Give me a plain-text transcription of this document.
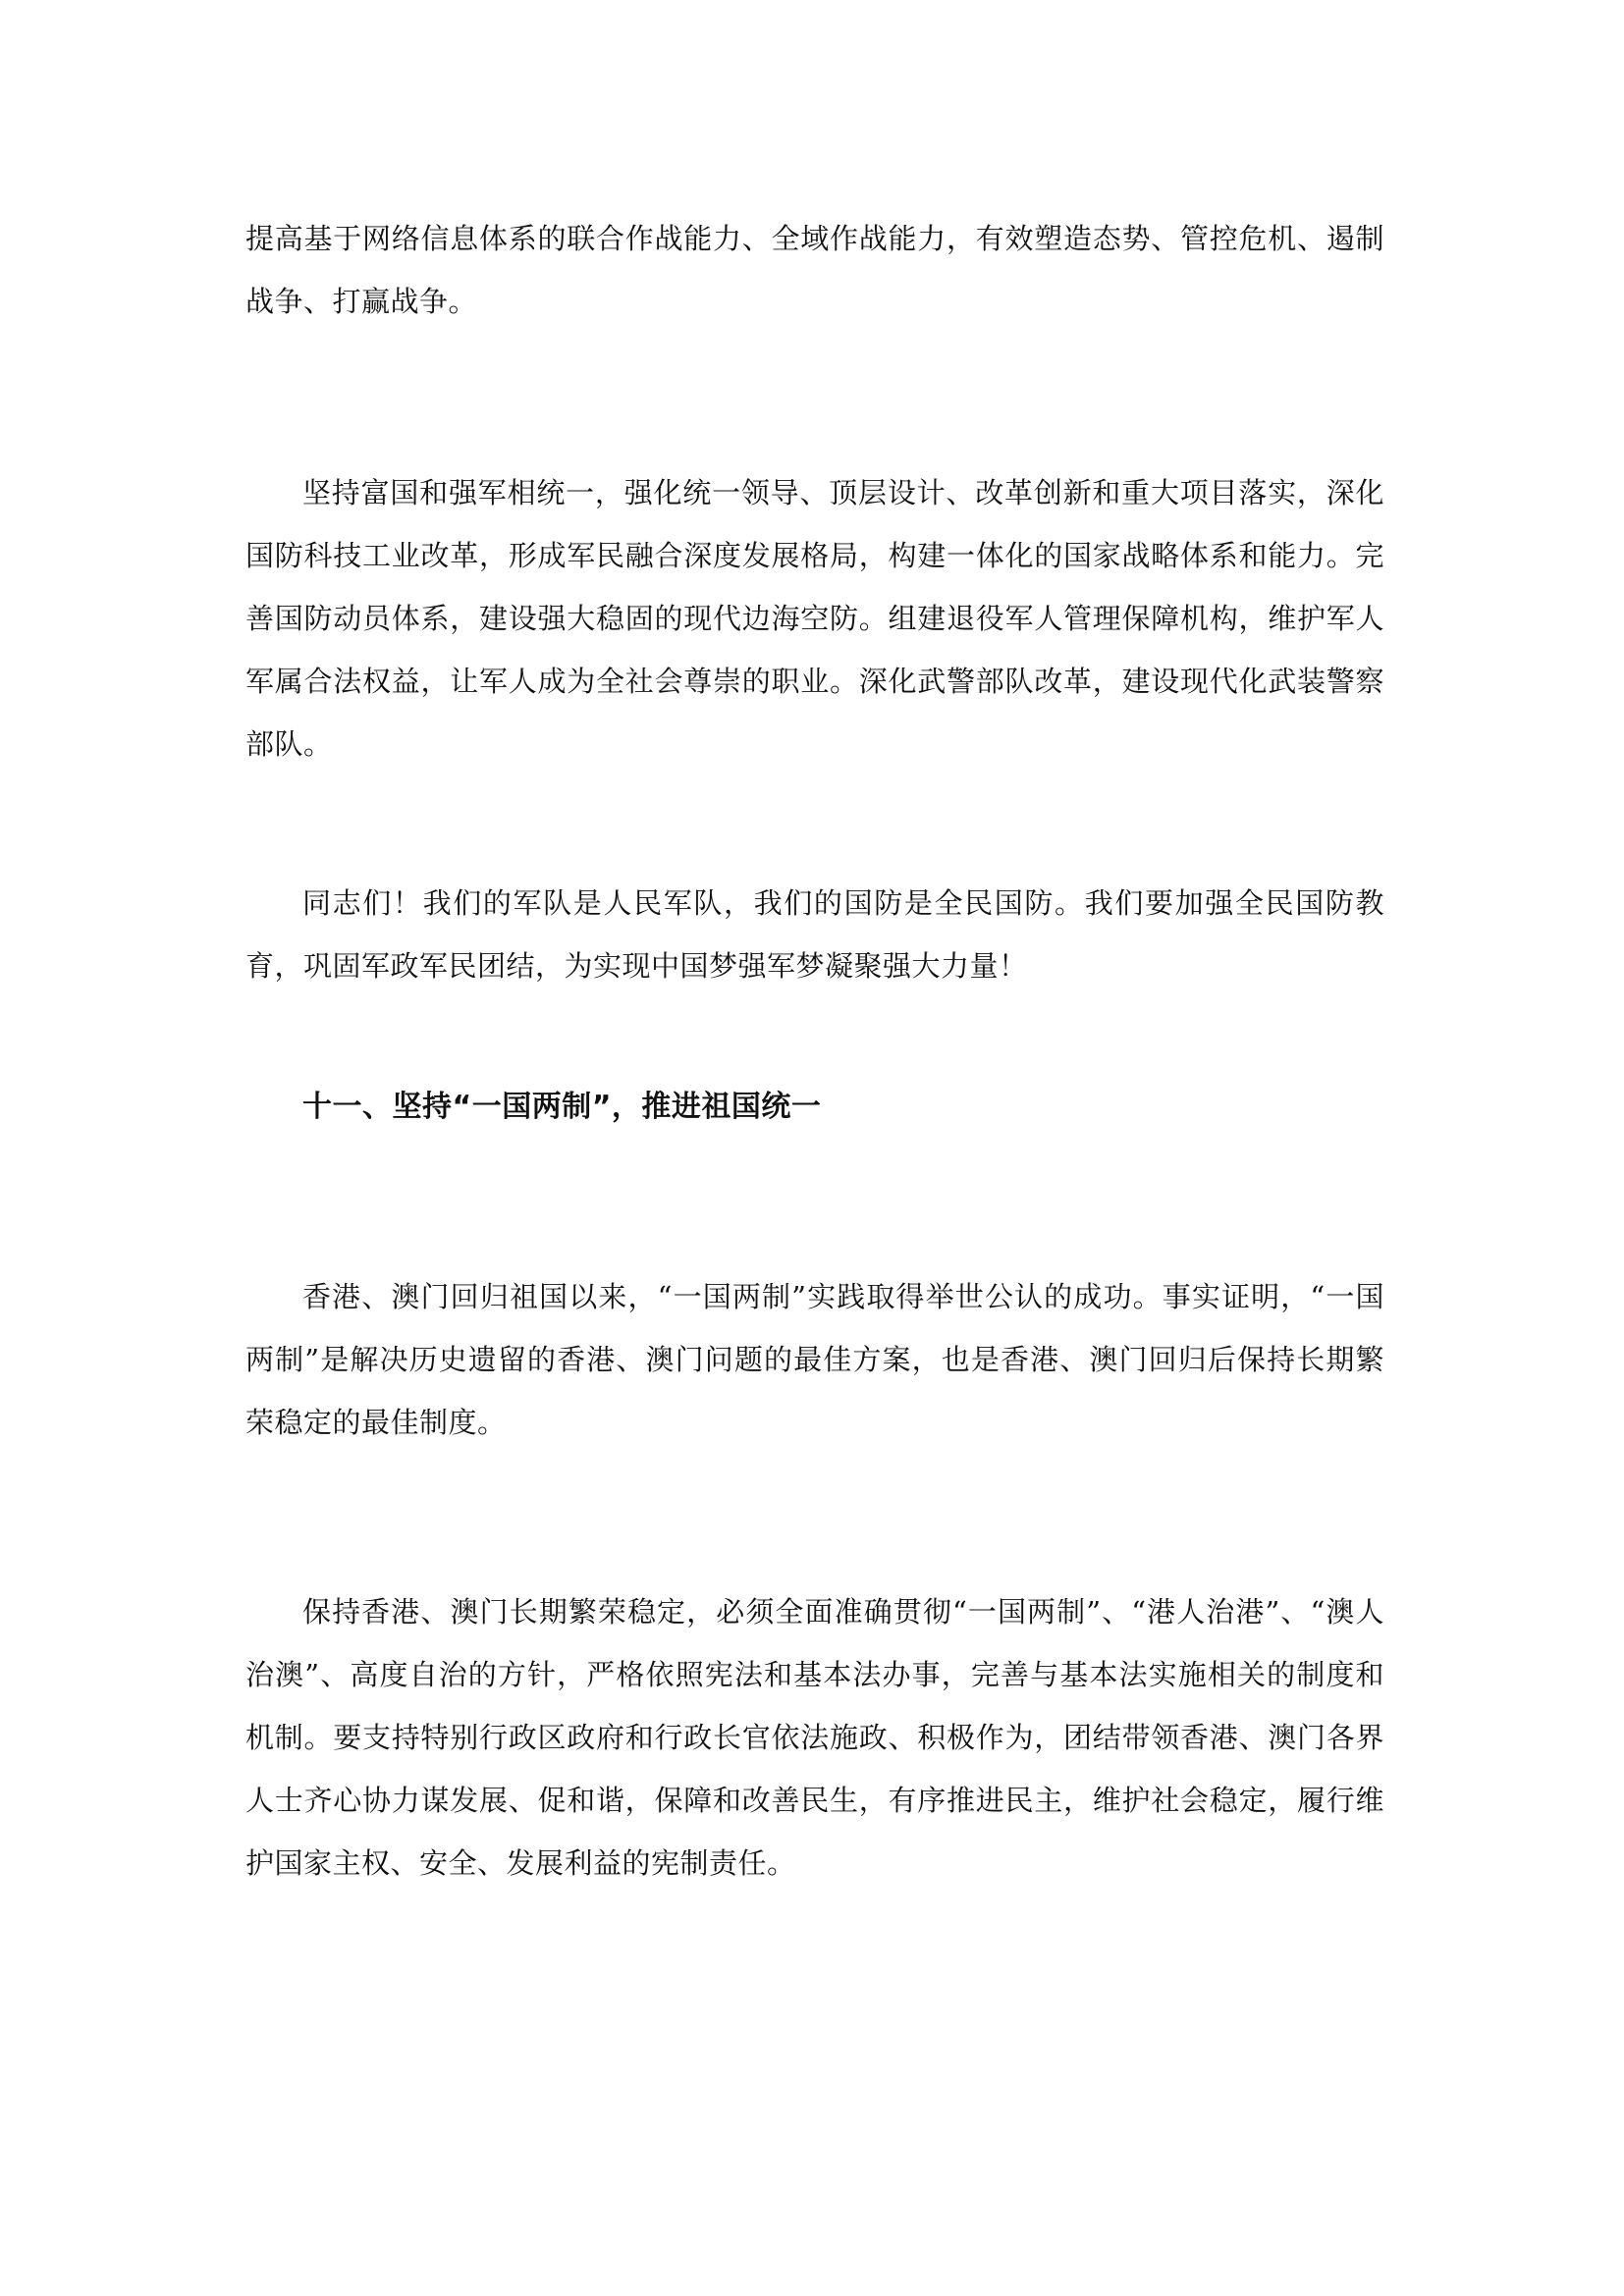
提高基于网络信息体系的联合作战能力、全域作战能力，有效塑造态势、管控危机、遏制战争、打赢战争。

坚持富国和强军相统一，强化统一领导、顶层设计、改革创新和重大项目落实，深化国防科技工业改革，形成军民融合深度发展格局，构建一体化的国家战略体系和能力。完善国防动员体系，建设强大稳固的现代边海空防。组建退役军人管理保障机构，维护军人军属合法权益，让军人成为全社会尊崇的职业。深化武警部队改革，建设现代化武装警察部队。

同志们！我们的军队是人民军队，我们的国防是全民国防。我们要加强全民国防教育，巩固军政军民团结，为实现中国梦强军梦凝聚强大力量！

十一、坚持“一国两制”，推进祖国统一

香港、澳门回归祖国以来，“一国两制”实践取得举世公认的成功。事实证明，“一国两制”是解决历史遗留的香港、澳门问题的最佳方案，也是香港、澳门回归后保持长期繁荣稳定的最佳制度。

保持香港、澳门长期繁荣稳定，必须全面准确贯彻“一国两制”、“港人治港”、“澳人治澳”、高度自治的方针，严格依照宪法和基本法办事，完善与基本法实施相关的制度和机制。要支持特别行政区政府和行政长官依法施政、积极作为，团结带领香港、澳门各界人士齐心协力谋发展、促和谐，保障和改善民生，有序推进民主，维护社会稳定，履行维护国家主权、安全、发展利益的宪制责任。
